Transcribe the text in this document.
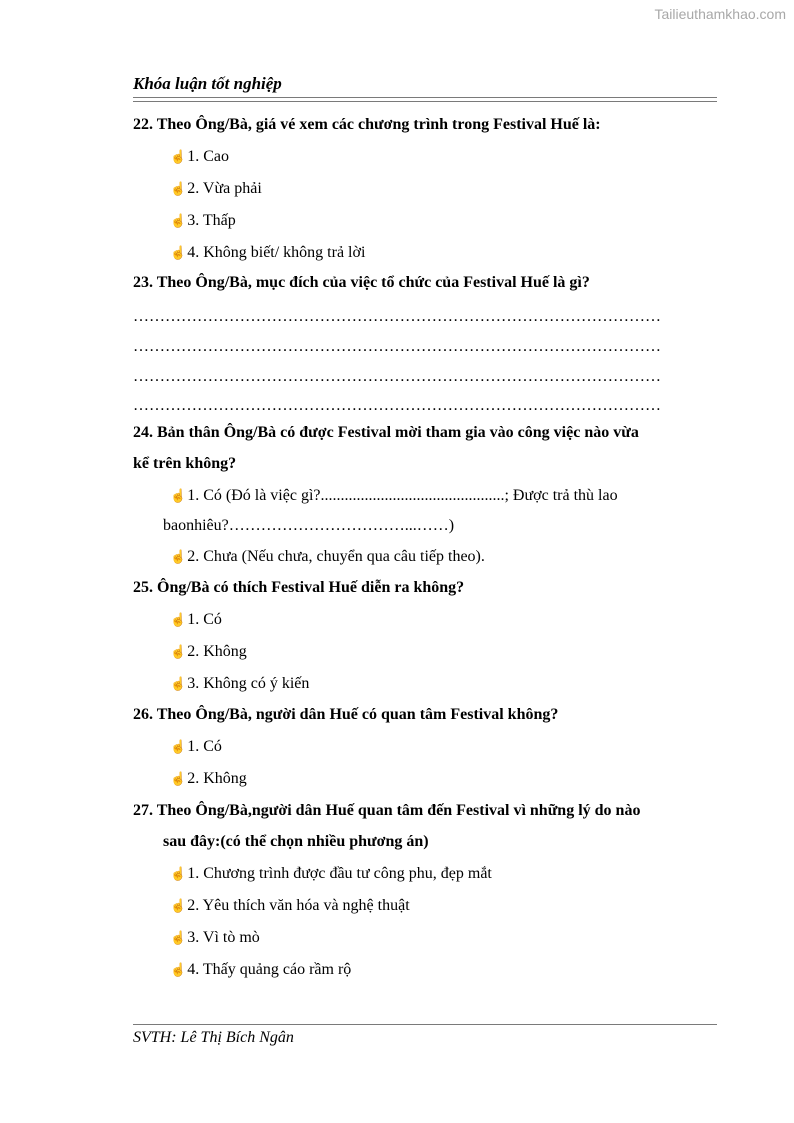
Tailieuthamkhao.com
Khóa luận tốt nghiệp
22. Theo Ông/Bà, giá vé xem các chương trình trong Festival Huế là:
☝1. Cao
☝2. Vừa phải
☝3. Thấp
☝4. Không biết/ không trả lời
23. Theo Ông/Bà, mục đích của việc tổ chức của Festival Huế là gì?
………………………………………………………………………………………
………………………………………………………………………………………
………………………………………………………………………………………
………………………………………………………………………………………
24. Bản thân Ông/Bà có được Festival mời tham gia vào công việc nào vừa
kể trên không?
☝1. Có (Đó là việc gì?..............................................; Được trả thù lao
baonhiêu?……………………………...……)
☝2. Chưa (Nếu chưa, chuyển qua câu tiếp theo).
25. Ông/Bà có thích Festival Huế diễn ra không?
☝1. Có
☝2. Không
☝3. Không có ý kiến
26. Theo Ông/Bà, người dân Huế có quan tâm Festival không?
☝1. Có
☝2. Không
27. Theo Ông/Bà,người dân Huế quan tâm đến Festival vì những lý do nào
sau đây:(có thể chọn nhiều phương án)
☝1. Chương trình được đầu tư công phu, đẹp mắt
☝2. Yêu thích văn hóa và nghệ thuật
☝3. Vì tò mò
☝4. Thấy quảng cáo rầm rộ
SVTH: Lê Thị Bích Ngân
